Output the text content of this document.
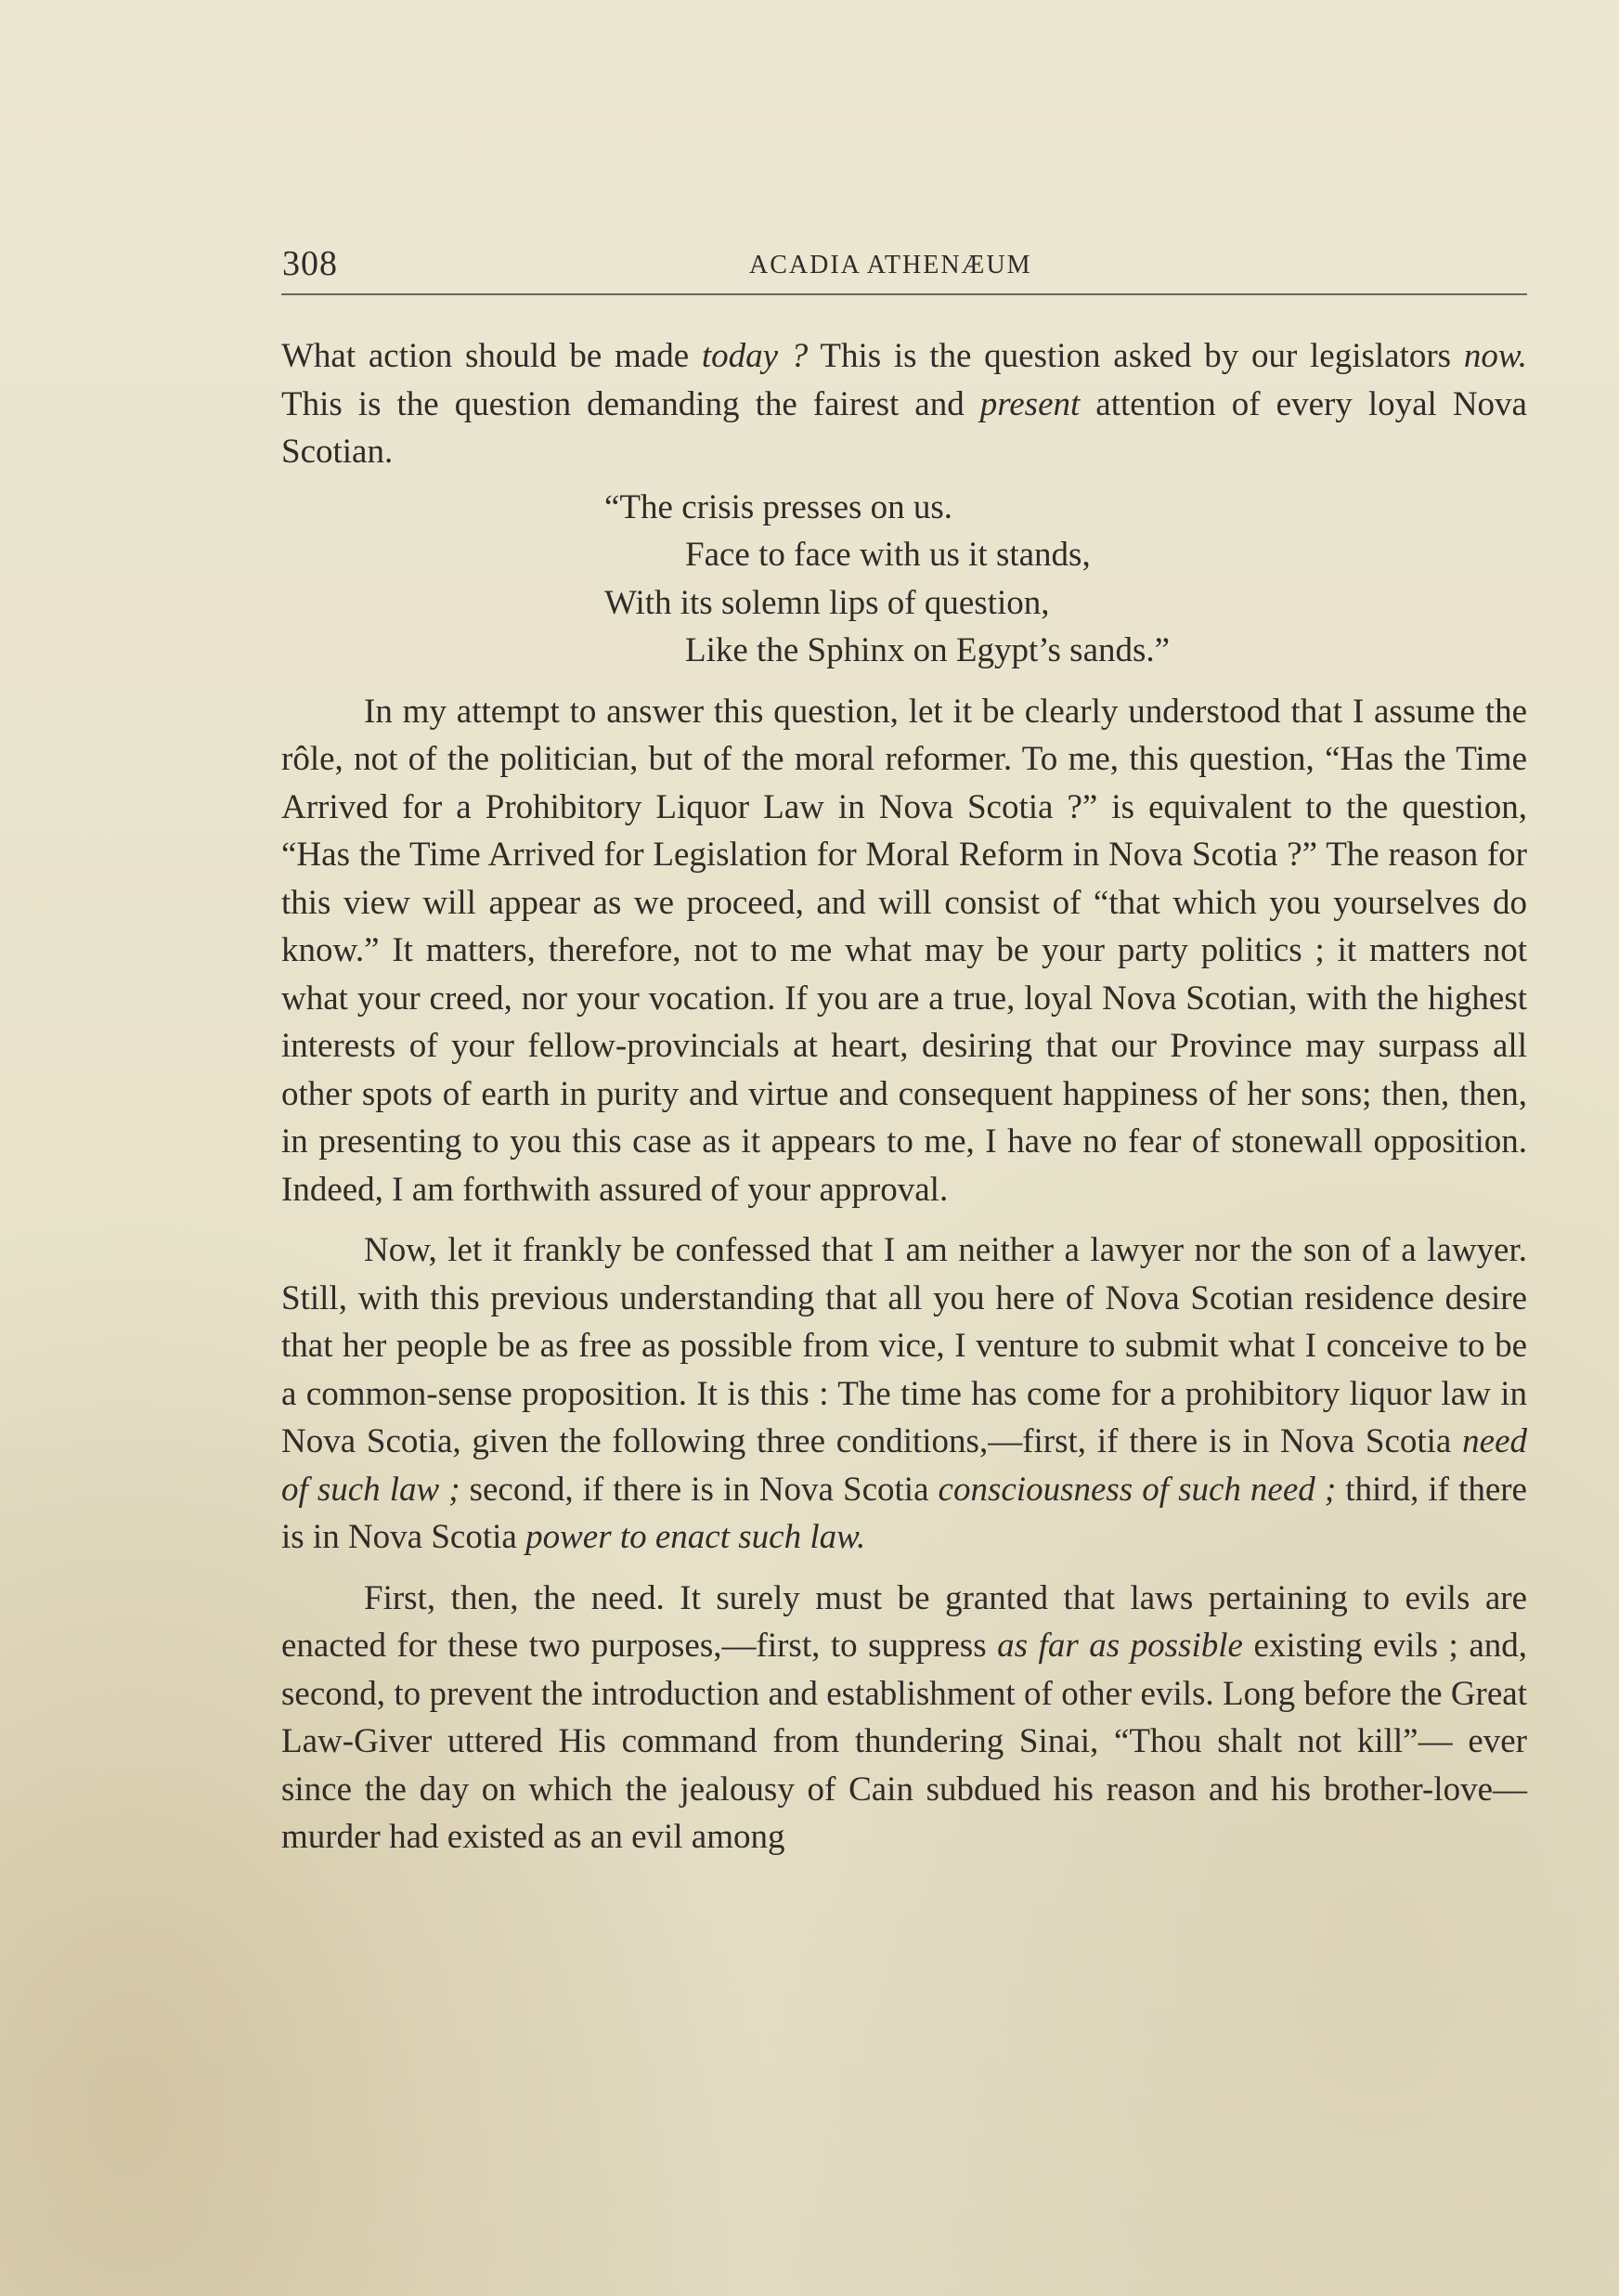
308	ACADIA ATHENÆUM

What action should be made today ? This is the question asked by our legislators now. This is the question demanding the fairest and present attention of every loyal Nova Scotian.

“The crisis presses on us.
Face to face with us it stands,
With its solemn lips of question,
Like the Sphinx on Egypt’s sands.”

In my attempt to answer this question, let it be clearly understood that I assume the rôle, not of the politician, but of the moral reformer. To me, this question, “Has the Time Arrived for a Prohibitory Liquor Law in Nova Scotia ?” is equivalent to the question, “Has the Time Arrived for Legislation for Moral Reform in Nova Scotia ?” The reason for this view will appear as we proceed, and will consist of “that which you yourselves do know.” It matters, therefore, not to me what may be your party politics ; it matters not what your creed, nor your vocation. If you are a true, loyal Nova Scotian, with the highest interests of your fellow-provincials at heart, desiring that our Province may surpass all other spots of earth in purity and virtue and consequent happiness of her sons; then, then, in presenting to you this case as it appears to me, I have no fear of stonewall opposition. Indeed, I am forthwith assured of your approval.

Now, let it frankly be confessed that I am neither a lawyer nor the son of a lawyer. Still, with this previous understanding that all you here of Nova Scotian residence desire that her people be as free as possible from vice, I venture to submit what I conceive to be a common-sense proposition. It is this : The time has come for a prohibitory liquor law in Nova Scotia, given the following three conditions,—first, if there is in Nova Scotia need of such law ; second, if there is in Nova Scotia consciousness of such need ; third, if there is in Nova Scotia power to enact such law.

First, then, the need. It surely must be granted that laws pertaining to evils are enacted for these two purposes,—first, to suppress as far as possible existing evils ; and, second, to prevent the introduction and establishment of other evils. Long before the Great Law-Giver uttered His command from thundering Sinai, “Thou shalt not kill”— ever since the day on which the jealousy of Cain subdued his reason and his brother-love—murder had existed as an evil among
